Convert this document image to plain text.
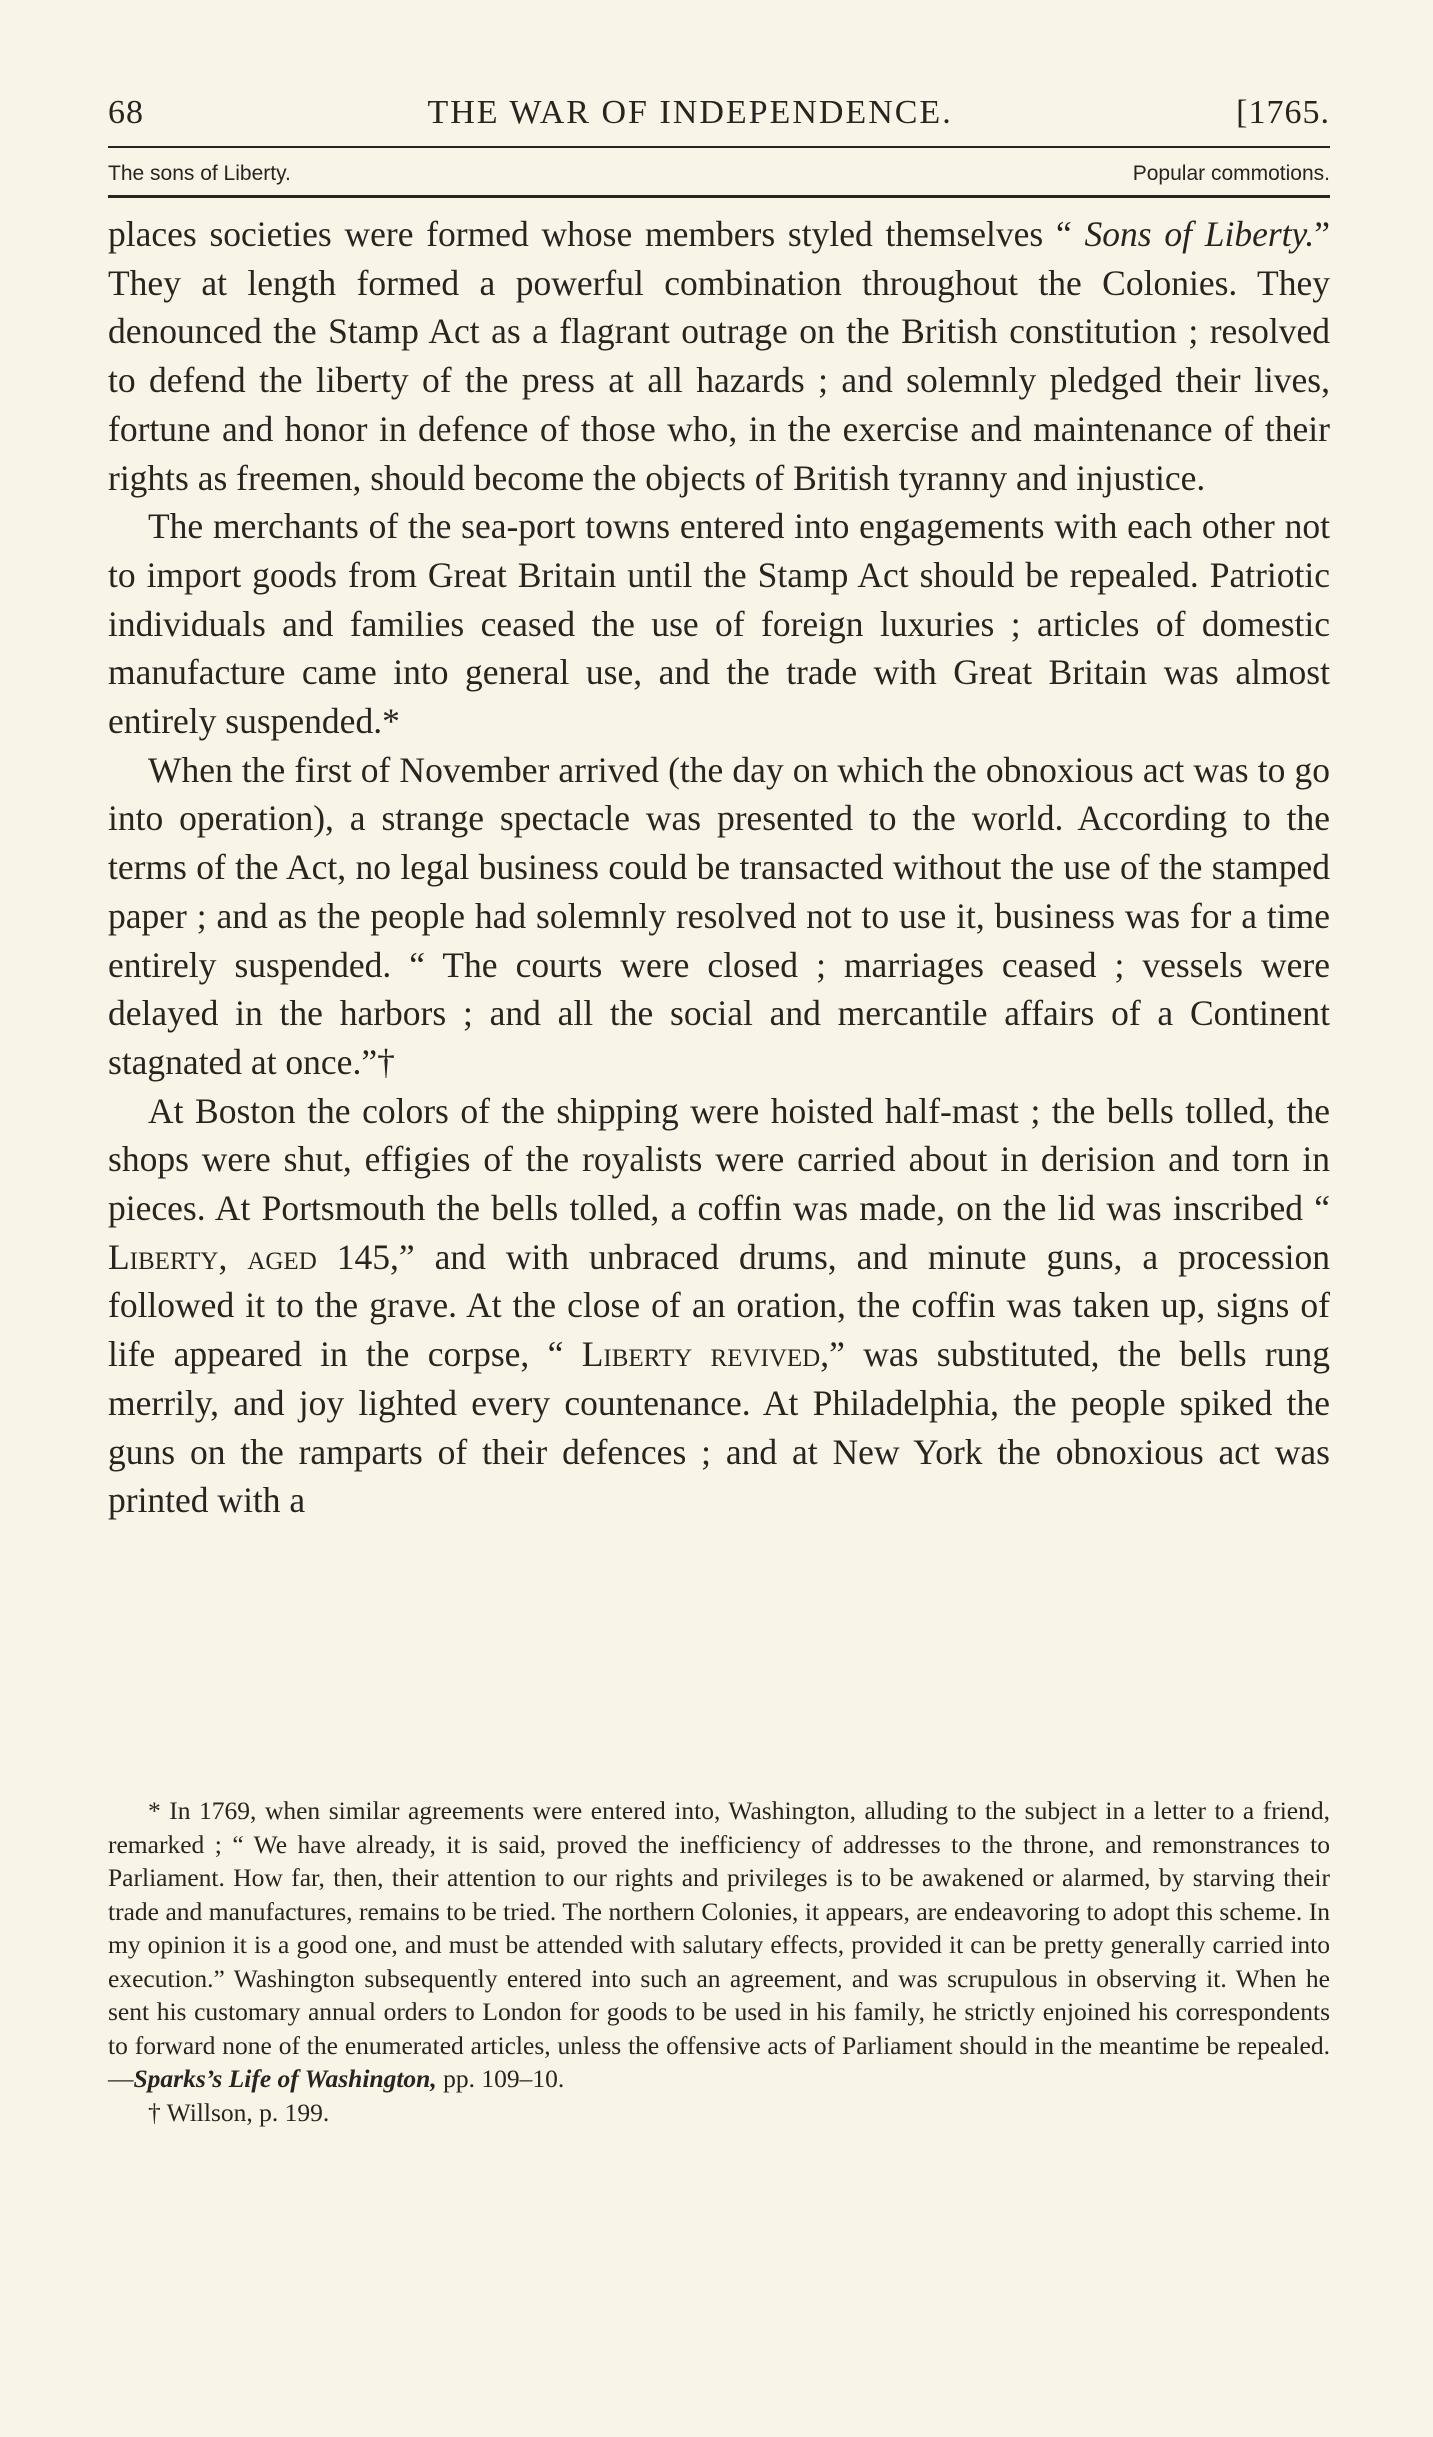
68	THE WAR OF INDEPENDENCE.	[1765.
The sons of Liberty.	Popular commotions.

places societies were formed whose members styled themselves “ Sons of Liberty.” They at length formed a powerful combination throughout the Colonies. They denounced the Stamp Act as a flagrant outrage on the British constitution ; resolved to defend the liberty of the press at all hazards ; and solemnly pledged their lives, fortune and honor in defence of those who, in the exercise and maintenance of their rights as freemen, should become the objects of British tyranny and injustice.

The merchants of the sea-port towns entered into engagements with each other not to import goods from Great Britain until the Stamp Act should be repealed. Patriotic individuals and families ceased the use of foreign luxuries ; articles of domestic manufacture came into general use, and the trade with Great Britain was almost entirely suspended.*

When the first of November arrived (the day on which the obnoxious act was to go into operation), a strange spectacle was presented to the world. According to the terms of the Act, no legal business could be transacted without the use of the stamped paper ; and as the people had solemnly resolved not to use it, business was for a time entirely suspended. “ The courts were closed ; marriages ceased ; vessels were delayed in the harbors ; and all the social and mercantile affairs of a Continent stagnated at once.”†

At Boston the colors of the shipping were hoisted half-mast ; the bells tolled, the shops were shut, effigies of the royalists were carried about in derision and torn in pieces. At Portsmouth the bells tolled, a coffin was made, on the lid was inscribed “ Liberty, aged 145,” and with unbraced drums, and minute guns, a procession followed it to the grave. At the close of an oration, the coffin was taken up, signs of life appeared in the corpse, “ Liberty revived,” was substituted, the bells rung merrily, and joy lighted every countenance. At Philadelphia, the people spiked the guns on the ramparts of their defences ; and at New York the obnoxious act was printed with a

* In 1769, when similar agreements were entered into, Washington, alluding to the subject in a letter to a friend, remarked ; “ We have already, it is said, proved the inefficiency of addresses to the throne, and remonstrances to Parliament. How far, then, their attention to our rights and privileges is to be awakened or alarmed, by starving their trade and manufactures, remains to be tried. The northern Colonies, it appears, are endeavoring to adopt this scheme. In my opinion it is a good one, and must be attended with salutary effects, provided it can be pretty generally carried into execution.” Washington subsequently entered into such an agreement, and was scrupulous in observing it. When he sent his customary annual orders to London for goods to be used in his family, he strictly enjoined his correspondents to forward none of the enumerated articles, unless the offensive acts of Parliament should in the meantime be repealed.—Sparks’s Life of Washington, pp. 109–10.

† Willson, p. 199.
